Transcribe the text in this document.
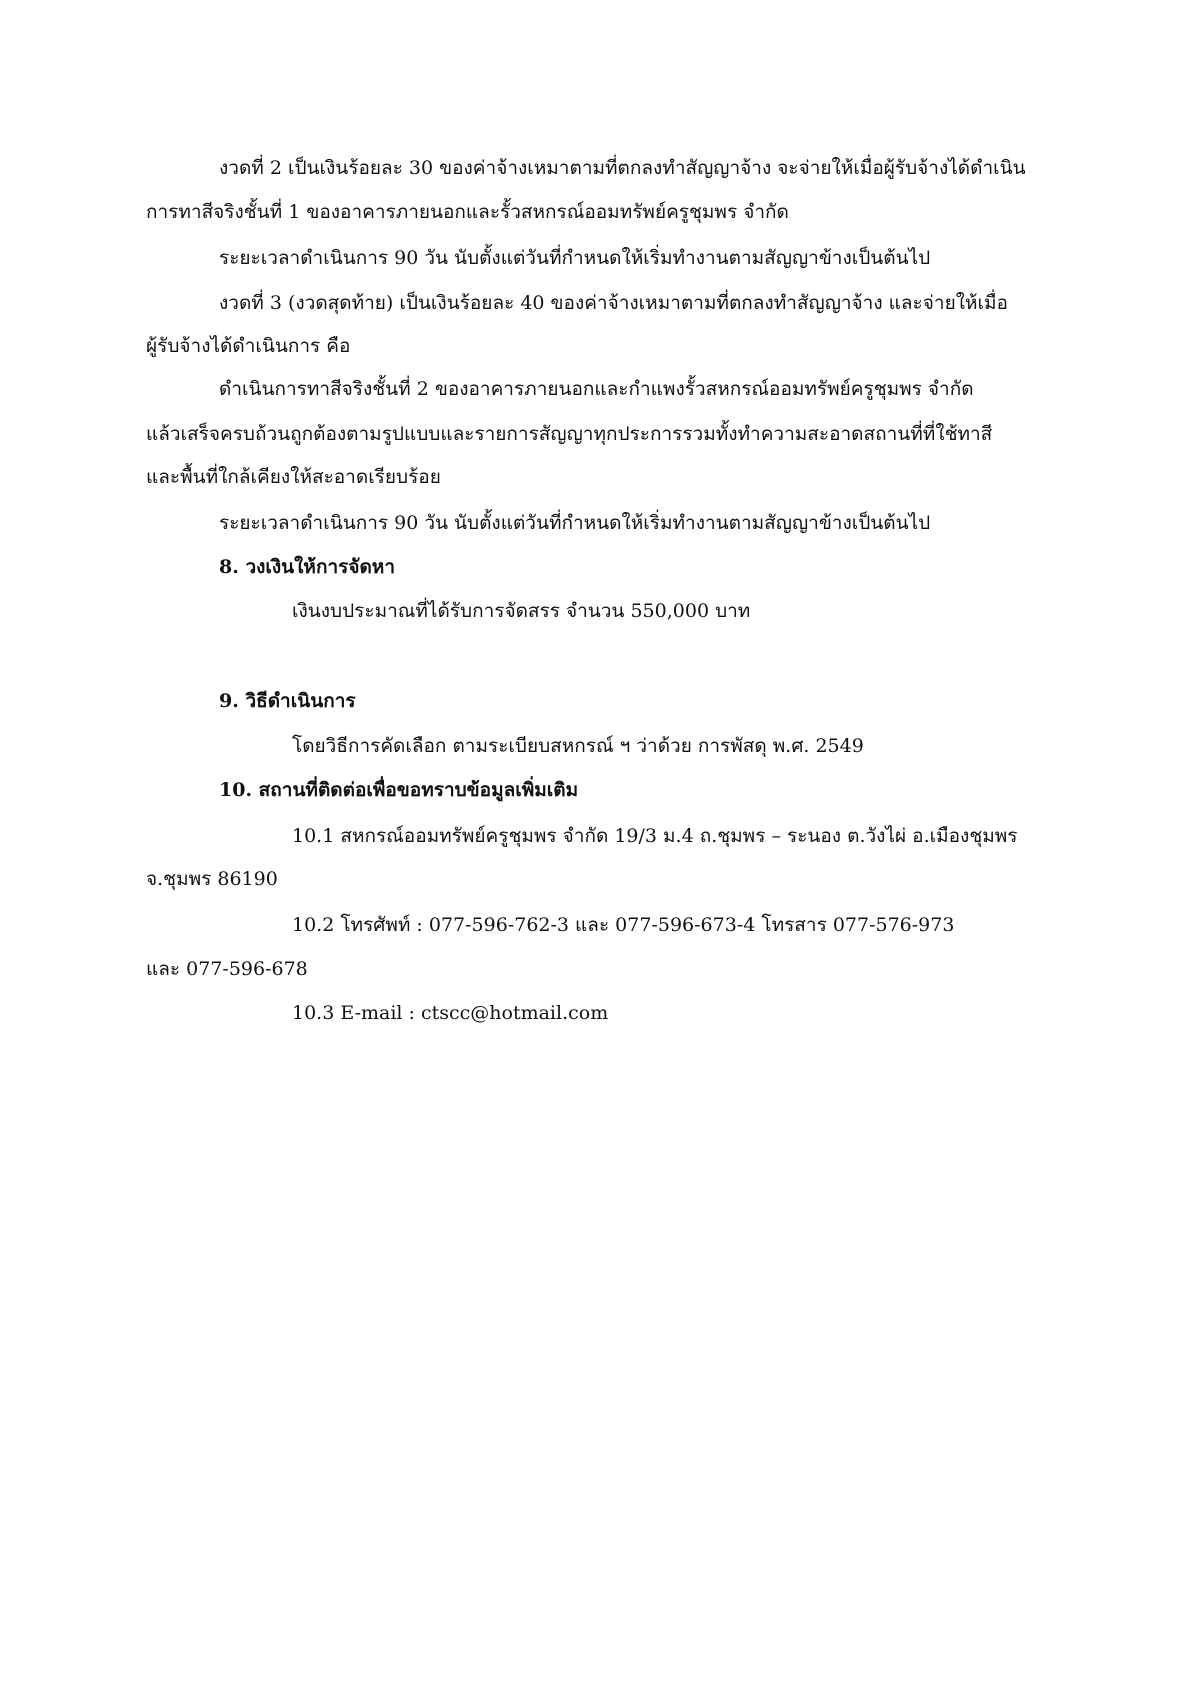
งวดที่ 2 เป็นเงินร้อยละ 30 ของค่าจ้างเหมาตามที่ตกลงทำสัญญาจ้าง จะจ่ายให้เมื่อผู้รับจ้างได้ดำเนิน
การทาสีจริงชั้นที่ 1 ของอาคารภายนอกและรั้วสหกรณ์ออมทรัพย์ครูชุมพร จำกัด
ระยะเวลาดำเนินการ 90 วัน นับตั้งแต่วันที่กำหนดให้เริ่มทำงานตามสัญญาข้างเป็นต้นไป
งวดที่ 3 (งวดสุดท้าย) เป็นเงินร้อยละ 40 ของค่าจ้างเหมาตามที่ตกลงทำสัญญาจ้าง และจ่ายให้เมื่อ
ผู้รับจ้างได้ดำเนินการ คือ
ดำเนินการทาสีจริงชั้นที่ 2 ของอาคารภายนอกและกำแพงรั้วสหกรณ์ออมทรัพย์ครูชุมพร จำกัด
แล้วเสร็จครบถ้วนถูกต้องตามรูปแบบและรายการสัญญาทุกประการรวมทั้งทำความสะอาดสถานที่ที่ใช้ทาสี
และพื้นที่ใกล้เคียงให้สะอาดเรียบร้อย
ระยะเวลาดำเนินการ 90 วัน นับตั้งแต่วันที่กำหนดให้เริ่มทำงานตามสัญญาข้างเป็นต้นไป
8. วงเงินให้การจัดหา
เงินงบประมาณที่ได้รับการจัดสรร จำนวน 550,000 บาท
9. วิธีดำเนินการ
โดยวิธีการคัดเลือก ตามระเบียบสหกรณ์ ฯ ว่าด้วย การพัสดุ พ.ศ. 2549
10. สถานที่ติดต่อเพื่อขอทราบข้อมูลเพิ่มเติม
10.1 สหกรณ์ออมทรัพย์ครูชุมพร จำกัด 19/3 ม.4 ถ.ชุมพร – ระนอง ต.วังไผ่ อ.เมืองชุมพร
จ.ชุมพร 86190
10.2 โทรศัพท์ : 077-596-762-3 และ 077-596-673-4 โทรสาร 077-576-973
และ 077-596-678
10.3 E-mail : ctscc@hotmail.com
